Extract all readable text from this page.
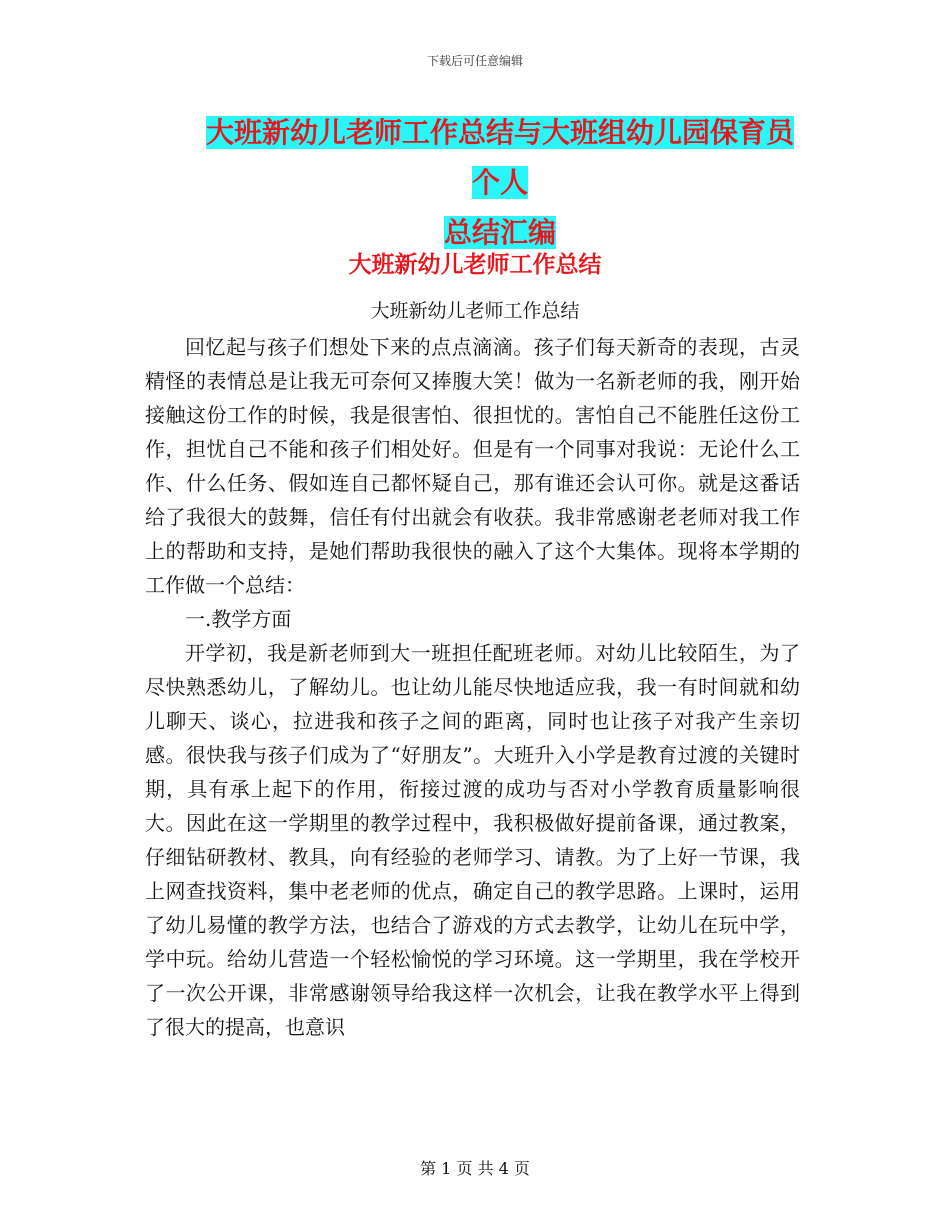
下载后可任意编辑
大班新幼儿老师工作总结与大班组幼儿园保育员个人
总结汇编
大班新幼儿老师工作总结
大班新幼儿老师工作总结

回忆起与孩子们想处下来的点点滴滴。孩子们每天新奇的表现，古灵精怪的表情总是让我无可奈何又捧腹大笑！做为一名新老师的我，刚开始接触这份工作的时候，我是很害怕、很担忧的。害怕自己不能胜任这份工作，担忧自己不能和孩子们相处好。但是有一个同事对我说：无论什么工作、什么任务、假如连自己都怀疑自己，那有谁还会认可你。就是这番话给了我很大的鼓舞，信任有付出就会有收获。我非常感谢老老师对我工作上的帮助和支持，是她们帮助我很快的融入了这个大集体。现将本学期的工作做一个总结：

一.教学方面

开学初，我是新老师到大一班担任配班老师。对幼儿比较陌生，为了尽快熟悉幼儿，了解幼儿。也让幼儿能尽快地适应我，我一有时间就和幼儿聊天、谈心，拉进我和孩子之间的距离，同时也让孩子对我产生亲切感。很快我与孩子们成为了“好朋友”。大班升入小学是教育过渡的关键时期，具有承上起下的作用，衔接过渡的成功与否对小学教育质量影响很大。因此在这一学期里的教学过程中，我积极做好提前备课，通过教案，仔细钻研教材、教具，向有经验的老师学习、请教。为了上好一节课，我上网查找资料，集中老老师的优点，确定自己的教学思路。上课时，运用了幼儿易懂的教学方法，也结合了游戏的方式去教学，让幼儿在玩中学，学中玩。给幼儿营造一个轻松愉悦的学习环境。这一学期里，我在学校开了一次公开课，非常感谢领导给我这样一次机会，让我在教学水平上得到了很大的提高，也意识

第 1 页 共 4 页
